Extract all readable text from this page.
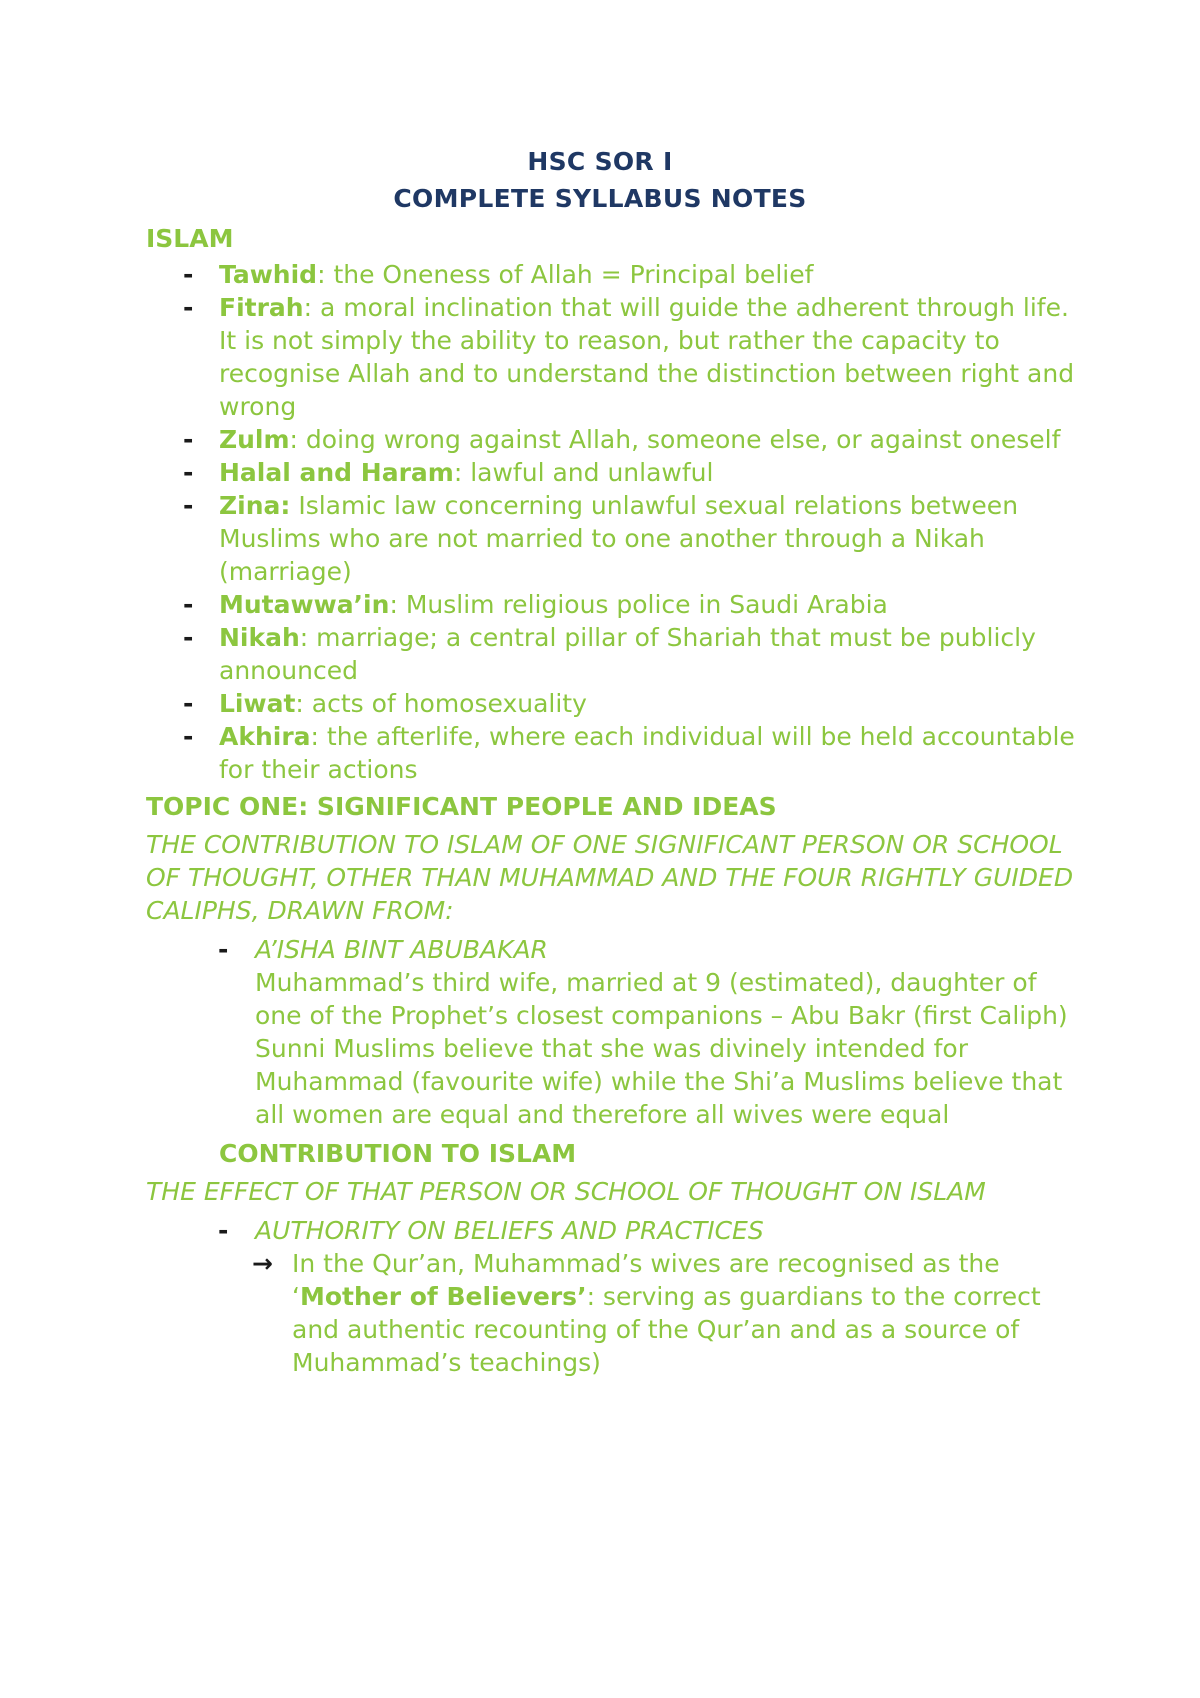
HSC SOR I
COMPLETE SYLLABUS NOTES
ISLAM
- Tawhid: the Oneness of Allah = Principal belief
- Fitrah: a moral inclination that will guide the adherent through life. It is not simply the ability to reason, but rather the capacity to recognise Allah and to understand the distinction between right and wrong
- Zulm: doing wrong against Allah, someone else, or against oneself
- Halal and Haram: lawful and unlawful
- Zina: Islamic law concerning unlawful sexual relations between Muslims who are not married to one another through a Nikah (marriage)
- Mutawwa’in: Muslim religious police in Saudi Arabia
- Nikah: marriage; a central pillar of Shariah that must be publicly announced
- Liwat: acts of homosexuality
- Akhira: the afterlife, where each individual will be held accountable for their actions
TOPIC ONE: SIGNIFICANT PEOPLE AND IDEAS
THE CONTRIBUTION TO ISLAM OF ONE SIGNIFICANT PERSON OR SCHOOL OF THOUGHT, OTHER THAN MUHAMMAD AND THE FOUR RIGHTLY GUIDED CALIPHS, DRAWN FROM:
- A’ISHA BINT ABUBAKAR
Muhammad’s third wife, married at 9 (estimated), daughter of one of the Prophet’s closest companions – Abu Bakr (first Caliph)
Sunni Muslims believe that she was divinely intended for Muhammad (favourite wife) while the Shi’a Muslims believe that all women are equal and therefore all wives were equal
CONTRIBUTION TO ISLAM
THE EFFECT OF THAT PERSON OR SCHOOL OF THOUGHT ON ISLAM
- AUTHORITY ON BELIEFS AND PRACTICES
→ In the Qur’an, Muhammad’s wives are recognised as the ‘Mother of Believers’: serving as guardians to the correct and authentic recounting of the Qur’an and as a source of Muhammad’s teachings)
